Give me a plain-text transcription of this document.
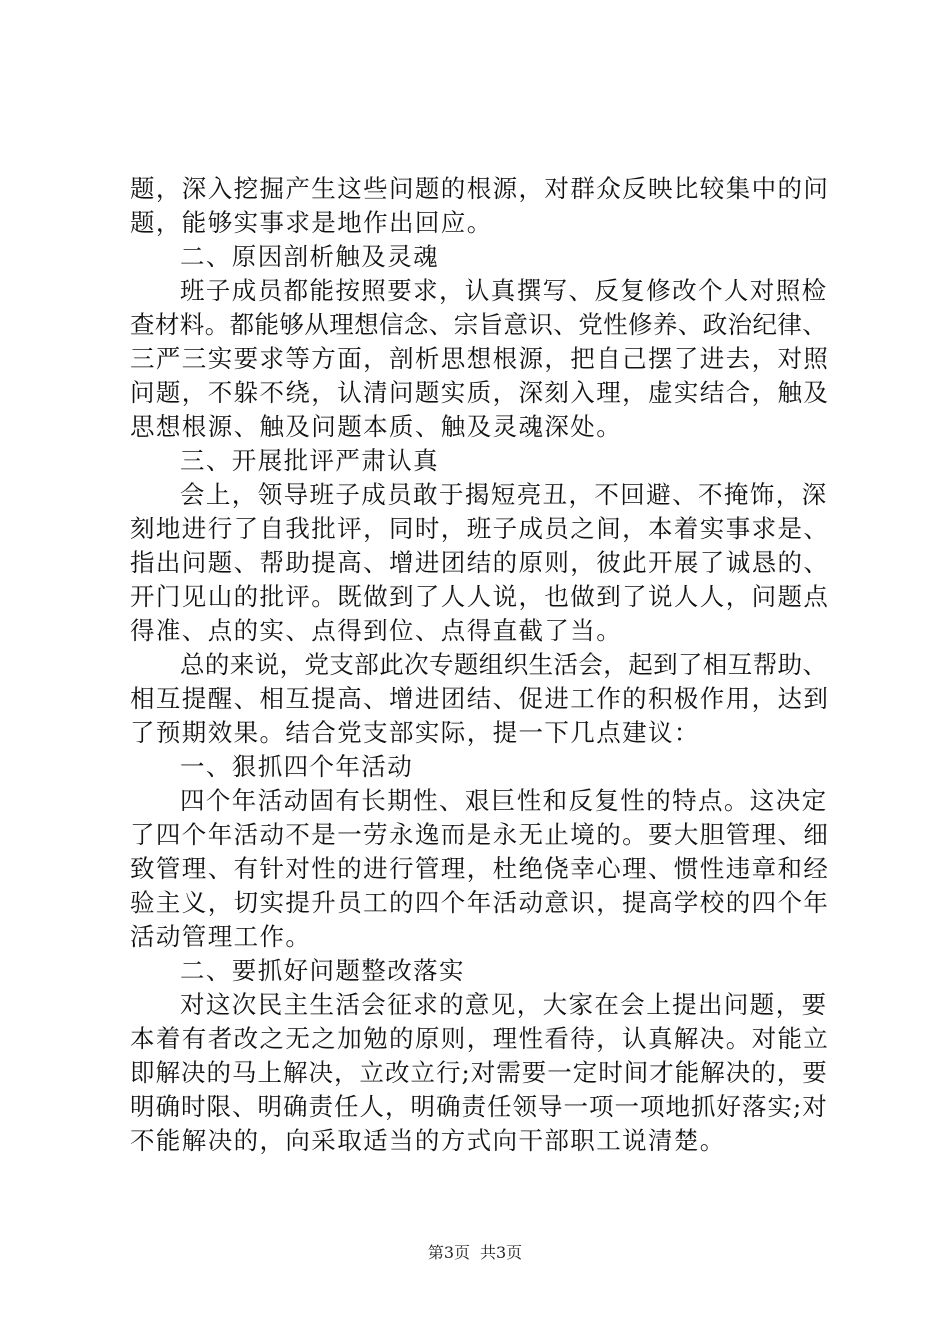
题，深入挖掘产生这些问题的根源，对群众反映比较集中的问
题，能够实事求是地作出回应。
二、原因剖析触及灵魂
班子成员都能按照要求，认真撰写、反复修改个人对照检
查材料。都能够从理想信念、宗旨意识、党性修养、政治纪律、
三严三实要求等方面，剖析思想根源，把自己摆了进去，对照
问题，不躲不绕，认清问题实质，深刻入理，虚实结合，触及
思想根源、触及问题本质、触及灵魂深处。
三、开展批评严肃认真
会上，领导班子成员敢于揭短亮丑，不回避、不掩饰，深
刻地进行了自我批评，同时，班子成员之间，本着实事求是、
指出问题、帮助提高、增进团结的原则，彼此开展了诚恳的、
开门见山的批评。既做到了人人说，也做到了说人人，问题点
得准、点的实、点得到位、点得直截了当。
总的来说，党支部此次专题组织生活会，起到了相互帮助、
相互提醒、相互提高、增进团结、促进工作的积极作用，达到
了预期效果。结合党支部实际，提一下几点建议：
一、狠抓四个年活动
四个年活动固有长期性、艰巨性和反复性的特点。这决定
了四个年活动不是一劳永逸而是永无止境的。要大胆管理、细
致管理、有针对性的进行管理，杜绝侥幸心理、惯性违章和经
验主义，切实提升员工的四个年活动意识，提高学校的四个年
活动管理工作。
二、要抓好问题整改落实
对这次民主生活会征求的意见，大家在会上提出问题，要
本着有者改之无之加勉的原则，理性看待，认真解决。对能立
即解决的马上解决，立改立行;对需要一定时间才能解决的，要
明确时限、明确责任人，明确责任领导一项一项地抓好落实;对
不能解决的，向采取适当的方式向干部职工说清楚。
第3页 共3页
